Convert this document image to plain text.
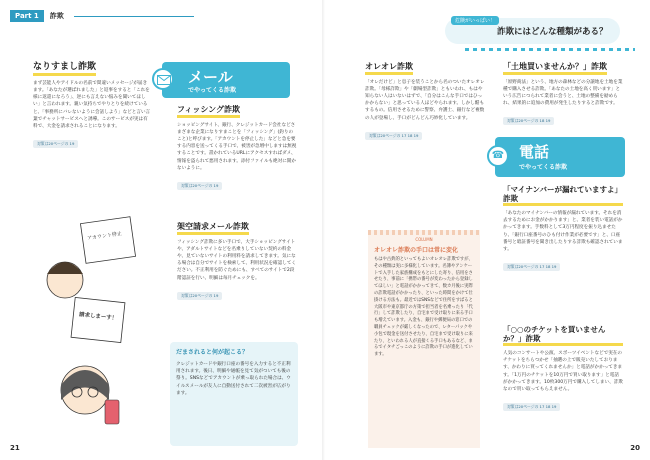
Part 1	詐欺
なりすまし詐欺
まず芸能人やアイドルの名前で間違いメッセージが届きます。「あなたが選ばれました」と返事をすると「これを様に返還になろう」、逆にも言えない悩みを聞いてほしい」と言われます。親い気持ちでやりとりを続けていると、「事務所にバレないように会話しよう」などと言い言葉でチャットサービスへと誘導。このサービスが実は有料で、大金を請求されることになります。
対策は20ページの 19
メール
でやってくる詐欺
フィッシング詐欺
ショッピングサイト、銀行、クレジットカード会社などさまざまな企業になりすまことを「フィッシング」(釣りのこと)と呼びます。「アカウントを停止した」などと急を要する内容を送ってくる手口で、被害が急増中しますは無視することです。書かれているURLにアクセスすればダメ、情報を盗られて悪用されます。添付ファイルも絶対に開かないように。
対策は20ページの 19
アカウント停止
請求しまーす！
架空請求メール詐欺
フィッシング詐欺に多い手口で、大手ショッピングサイトや、アダルトサイトなどを名乗りしていない契約の料金や、見ていないサイトの利用料を請求してきます。気になる場合は自分でサイトを検索して、利用状況を確認してください。不正利用を防ぐためにも、すべてのサイトで2段階認証を行い、明細は毎月チェックを。
対策は20ページの 19
だまされると何が起こる？
クレジットカードや銀行口座の番号を入力すると不正利用されます。後日、明細や通帳を見て気がついても後の祭り。SNSなどでアカウントが乗っ取られた場合は、ウイルスメールが友人に自動送付されて二次被害が広がります。
21
危険がいっぱい！
詐欺にはどんな種類がある？
オレオレ詐欺
「オレだけど」と息子を装うことから名のついたオレオレ詐欺。「母様詐欺」や「劇場型詐欺」ともいわれ、もはや知らない人はいないはずで、「自分はこんな手口ではひっかからない」と思っている人ほどやられます。しかし酷もするもの。信用させるために警察、弁護士、銀行など複数の人が登場し、手口がどんどん巧妙化しています。
対策は20ページの 17 18 19
COLUMN
オレオレ詐欺の手口は常に変化
もはや古典的といってもよいオレオレ詐欺ですが、その種類は実に多様化しています。名簿やアンケートで入手した家族構成をもとにした寄り、信用をさせたり、事前に「携帯の番号が変わったから登録してほしい」と電話がかかってきて、数カ月後に実際の詐欺電話がかかったり、といった時間をかけて仕掛ける方法も。最近ではSNSなどで住所をすばると大阪市や東京都庁の方策で担当者を名乗ったり「代行」して詐欺したり、自宅まで受け取りに来る手口も増えています。入金も、銀行や郵便局の窓口での職員チェックが厳しくなったので、レターパックや小包で現金を送付させたり、自宅まで受け取りに来たり、といわれる人が直接くる手口もあるなど、まるでイタチごっこのように詐欺の手口が進化しています。
「土地買いませんか？」詐欺
「原野商法」という、地方の森林などの分譲地を土地を業種で購入させる詐欺。「あなたの土地を高く買います」という広告につられて業者に会うと、土地の整備を勧められ、結果的に追加の費用が発生したりすると詐欺です。
対策は20ページの 18 19
☎ 電話
でやってくる詐欺
「マイナンバーが漏れていますよ」詐欺
「あなたのマイナンバーの情報が漏れています。それを消去するためにお金がかかります」と、業者を装い電話がかかってきます。手数料として3万円程度を振り込ませたり、「銀行口座番号のひも付け作業が必要です」と、口座番号と暗証番号を聞き出したりする詐欺も確認されています。
対策は20ページの 17 18 19
「○○のチケットを買いませんか？」詐欺
人気のコンサートや公演、スポーツイベントなどで実在のチケットをちらつかせ「抽選の上で販売いたしております、かわりに買ってくれませんか」と電話がかかってきます。「1万円のチケットを10万円で買い取ります」と電話がかかってきます。10枚300万円で購入してしまい、詐欺なので買い取ってもらえません。
対策は20ページの 17 18 19
20
